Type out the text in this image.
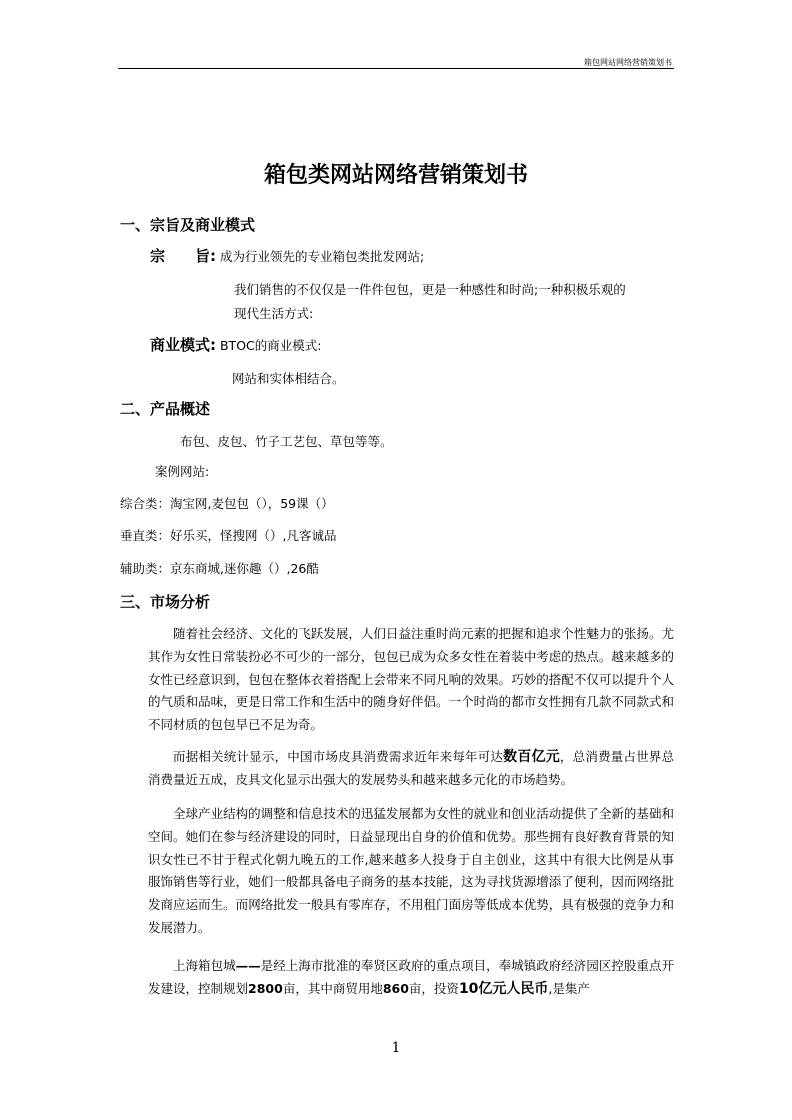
箱包网站网络营销策划书
箱包类网站网络营销策划书
一、宗旨及商业模式
宗　　旨: 成为行业领先的专业箱包类批发网站;
我们销售的不仅仅是一件件包包，更是一种感性和时尚;一种积极乐观的
现代生活方式:
商业模式: BTOC的商业模式:
网站和实体相结合。
二、产品概述
布包、皮包、竹子工艺包、草包等等。
案例网站:
综合类：淘宝网,麦包包（），59课（）
垂直类：好乐买，怪搜网（）,凡客诚品
辅助类：京东商城,迷你趣（）,26酷
三、市场分析
随着社会经济、文化的飞跃发展，人们日益注重时尚元素的把握和追求个性魅力的张扬。尤其作为女性日常装扮必不可少的一部分，包包已成为众多女性在着装中考虑的热点。越来越多的女性已经意识到，包包在整体衣着搭配上会带来不同凡响的效果。巧妙的搭配不仅可以提升个人的气质和品味，更是日常工作和生活中的随身好伴侣。一个时尚的都市女性拥有几款不同款式和不同材质的包包早已不足为奇。
而据相关统计显示，中国市场皮具消费需求近年来每年可达数百亿元，总消费量占世界总消费量近五成，皮具文化显示出强大的发展势头和越来越多元化的市场趋势。
全球产业结构的调整和信息技术的迅猛发展都为女性的就业和创业活动提供了全新的基础和空间。她们在参与经济建设的同时，日益显现出自身的价值和优势。那些拥有良好教育背景的知识女性已不甘于程式化朝九晚五的工作,越来越多人投身于自主创业，这其中有很大比例是从事服饰销售等行业，她们一般都具备电子商务的基本技能，这为寻找货源增添了便利，因而网络批发商应运而生。而网络批发一般具有零库存，不用租门面房等低成本优势，具有极强的竞争力和发展潜力。
上海箱包城——是经上海市批准的奉贤区政府的重点项目，奉城镇政府经济园区控股重点开发建设，控制规划2800亩，其中商贸用地860亩，投资10亿元人民币,是集产
1
